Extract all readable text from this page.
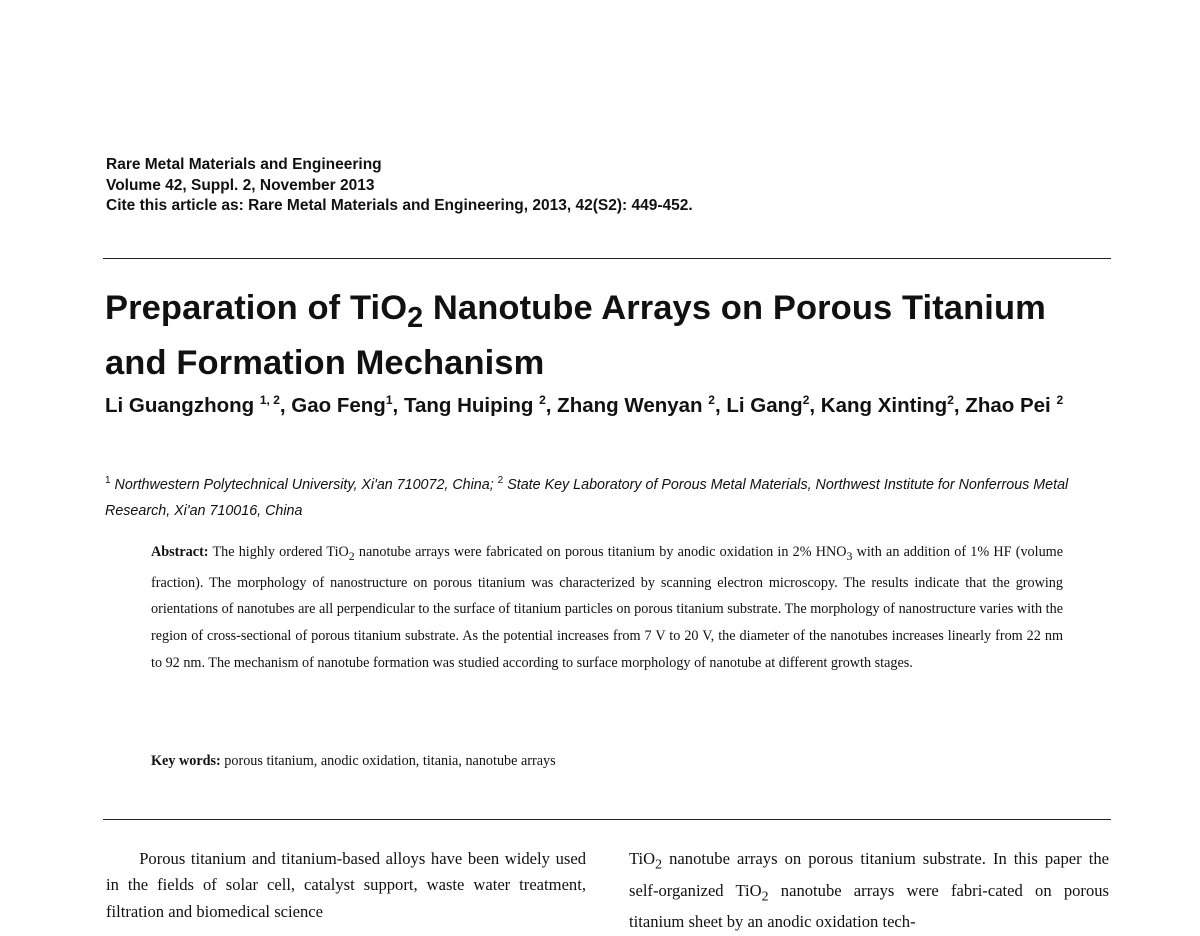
Rare Metal Materials and Engineering
Volume 42, Suppl. 2, November 2013
Cite this article as: Rare Metal Materials and Engineering, 2013, 42(S2): 449-452.
Preparation of TiO$_2$ Nanotube Arrays on Porous Titanium and Formation Mechanism
Li Guangzhong $^{1, 2}$, Gao Feng$^1$, Tang Huiping $^2$, Zhang Wenyan $^2$, Li Gang$^2$, Kang Xinting$^2$, Zhao Pei $^2$
$^1$ Northwestern Polytechnical University, Xi'an 710072, China; $^2$ State Key Laboratory of Porous Metal Materials, Northwest Institute for Nonferrous Metal Research, Xi'an 710016, China
Abstract: The highly ordered TiO$_2$ nanotube arrays were fabricated on porous titanium by anodic oxidation in 2% $HNO_3$ with an addition of 1% HF (volume fraction). The morphology of nanostructure on porous titanium was characterized by scanning electron microscopy. The results indicate that the growing orientations of nanotubes are all perpendicular to the surface of titanium particles on porous titanium substrate. The morphology of nanostructure varies with the region of cross-sectional of porous titanium substrate. As the potential increases from 7 V to 20 V, the diameter of the nanotubes increases linearly from 22 nm to 92 nm. The mechanism of nanotube formation was studied according to surface morphology of nanotube at different growth stages.
Key words: porous titanium, anodic oxidation, titania, nanotube arrays

Porous titanium and titanium-based alloys have been widely used in the fields of solar cell, catalyst support, waste water treatment, filtration and biomedical science

TiO$_2$ nanotube arrays on porous titanium substrate. In this paper the self-organized TiO$_2$ nanotube arrays were fabri-cated on porous titanium sheet by an anodic oxidation tech-
